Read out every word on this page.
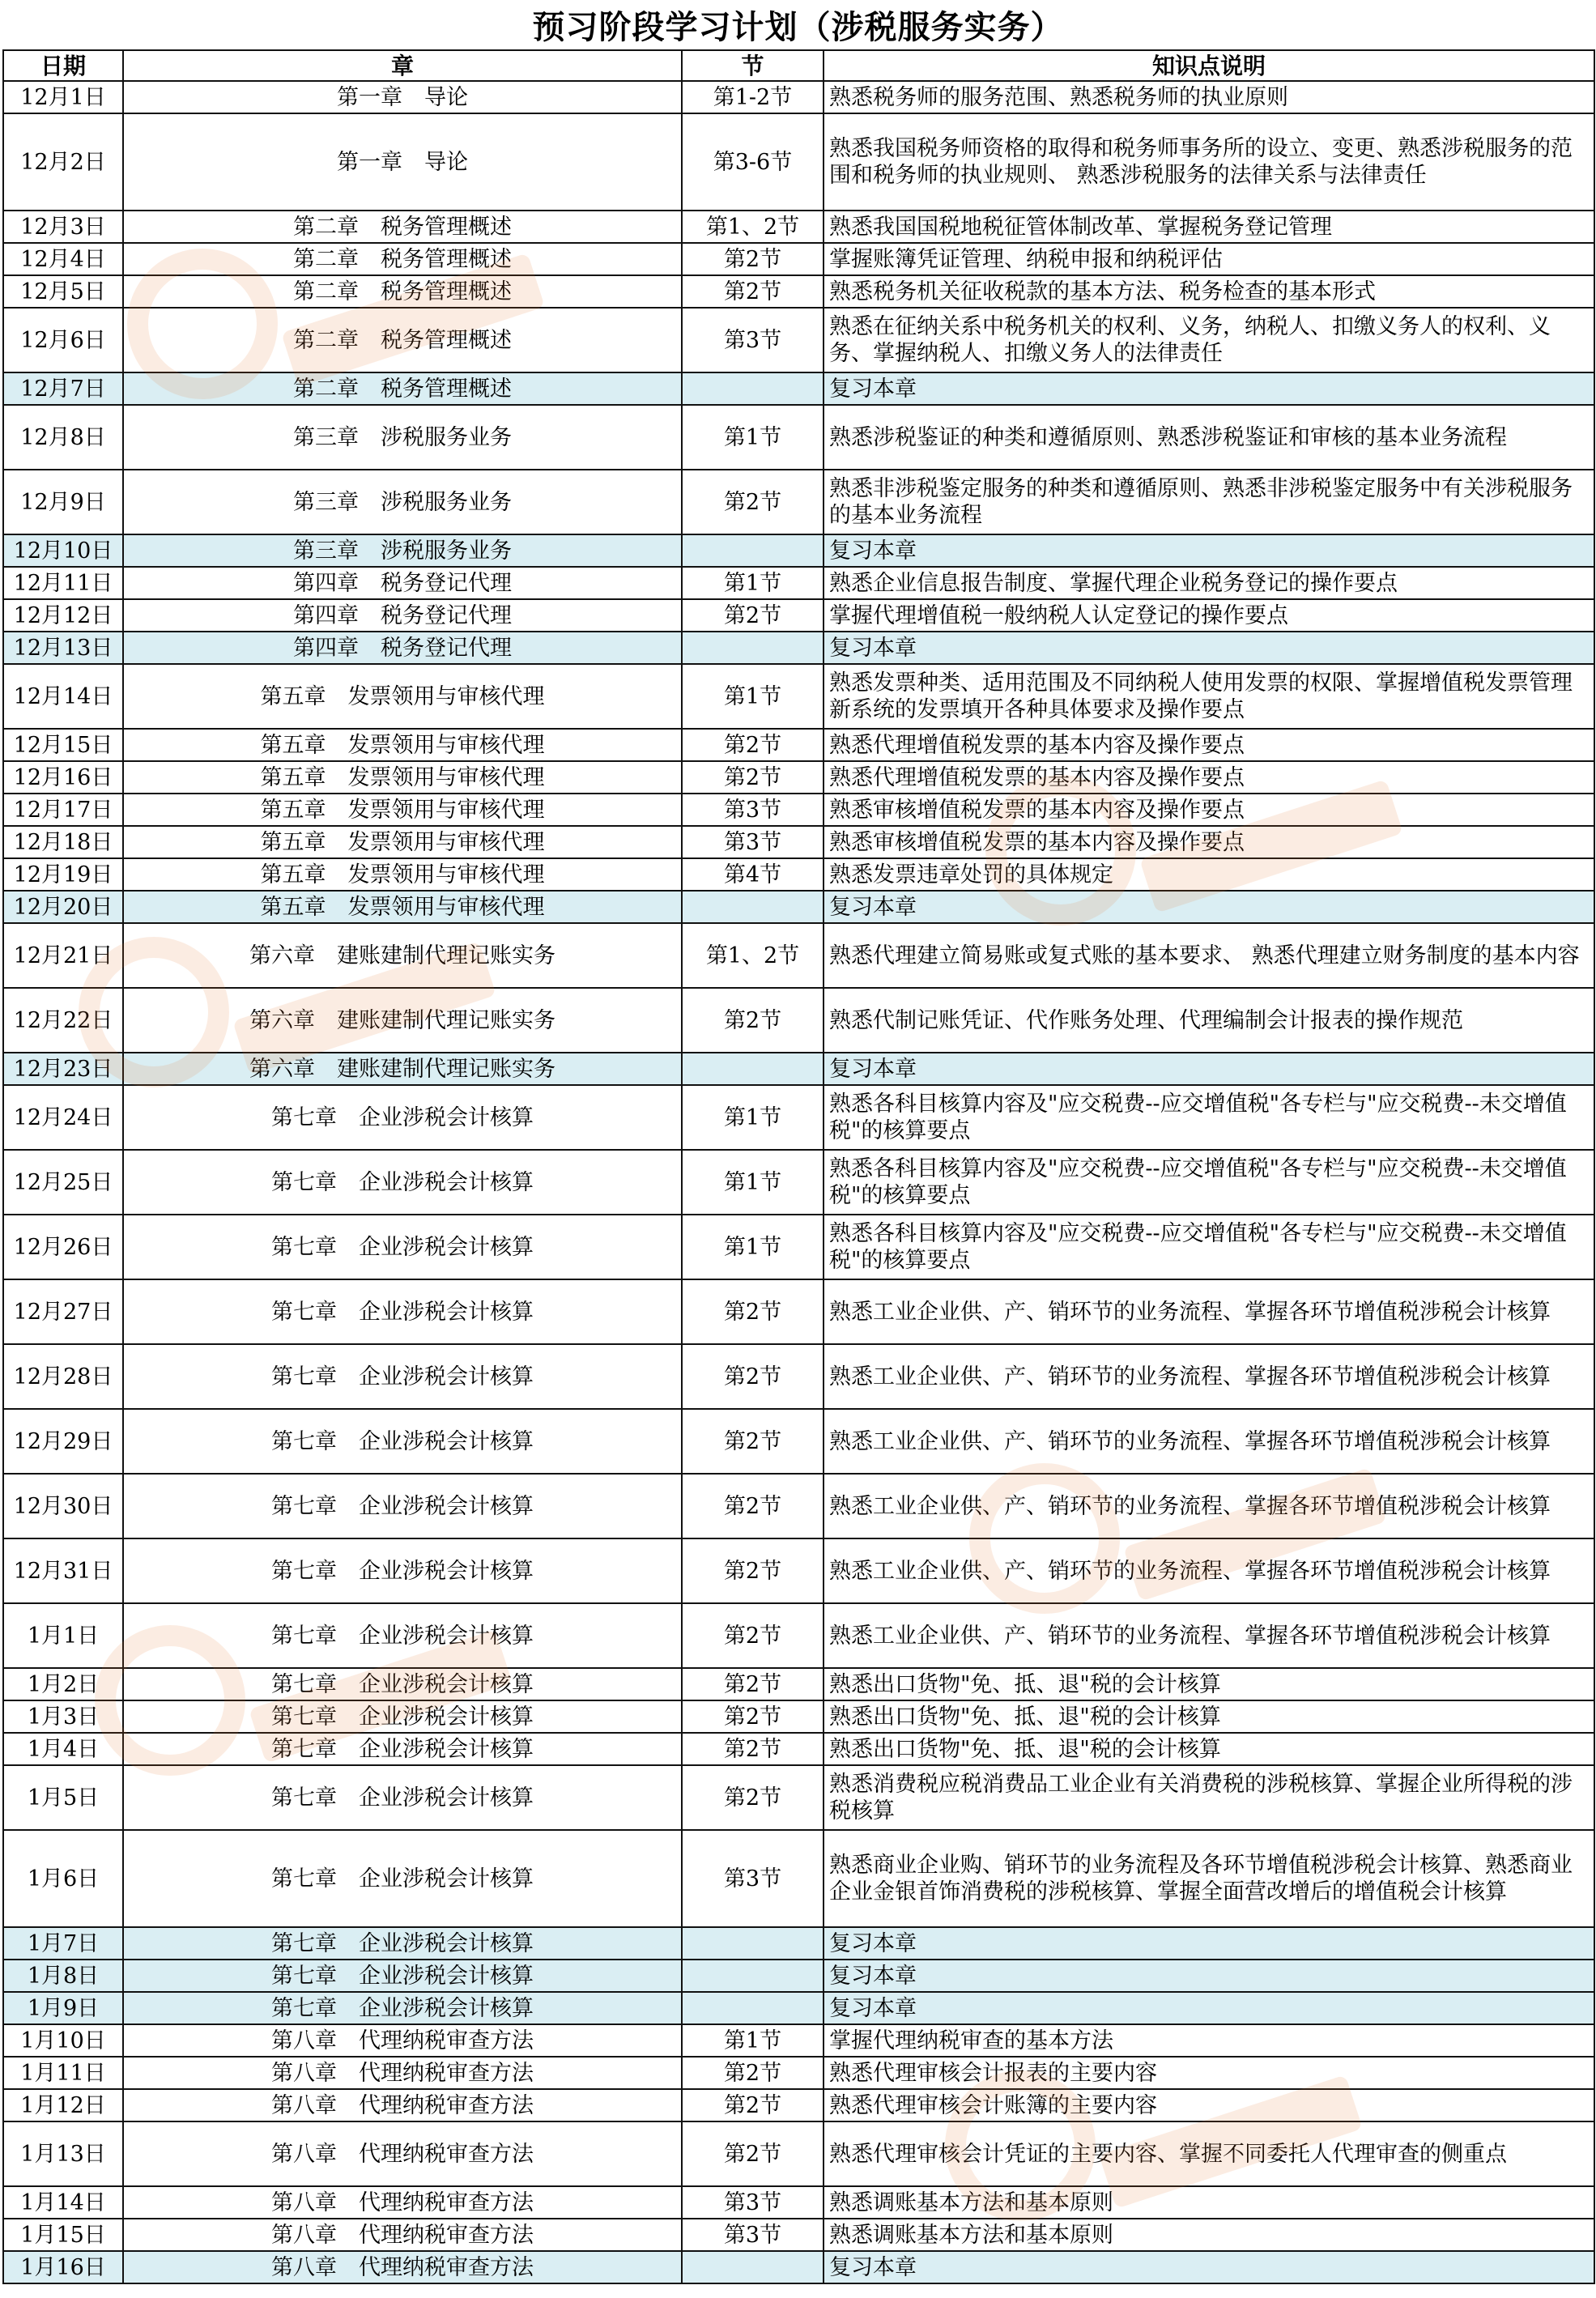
预习阶段学习计划（涉税服务实务）
日期	章	节	知识点说明
12月1日	第一章　导论	第1-2节	熟悉税务师的服务范围、熟悉税务师的执业原则
12月2日	第一章　导论	第3-6节	熟悉我国税务师资格的取得和税务师事务所的设立、变更、熟悉涉税服务的范围和税务师的执业规则、 熟悉涉税服务的法律关系与法律责任
12月3日	第二章　税务管理概述	第1、2节	熟悉我国国税地税征管体制改革、掌握税务登记管理
12月4日	第二章　税务管理概述	第2节	掌握账簿凭证管理、纳税申报和纳税评估
12月5日	第二章　税务管理概述	第2节	熟悉税务机关征收税款的基本方法、税务检查的基本形式
12月6日	第二章　税务管理概述	第3节	熟悉在征纳关系中税务机关的权利、义务，纳税人、扣缴义务人的权利、义务、掌握纳税人、扣缴义务人的法律责任
12月7日	第二章　税务管理概述		复习本章
12月8日	第三章　涉税服务业务	第1节	熟悉涉税鉴证的种类和遵循原则、熟悉涉税鉴证和审核的基本业务流程
12月9日	第三章　涉税服务业务	第2节	熟悉非涉税鉴定服务的种类和遵循原则、熟悉非涉税鉴定服务中有关涉税服务的基本业务流程
12月10日	第三章　涉税服务业务		复习本章
12月11日	第四章　税务登记代理	第1节	熟悉企业信息报告制度、掌握代理企业税务登记的操作要点
12月12日	第四章　税务登记代理	第2节	掌握代理增值税一般纳税人认定登记的操作要点
12月13日	第四章　税务登记代理		复习本章
12月14日	第五章　发票领用与审核代理	第1节	熟悉发票种类、适用范围及不同纳税人使用发票的权限、掌握增值税发票管理新系统的发票填开各种具体要求及操作要点
12月15日	第五章　发票领用与审核代理	第2节	熟悉代理增值税发票的基本内容及操作要点
12月16日	第五章　发票领用与审核代理	第2节	熟悉代理增值税发票的基本内容及操作要点
12月17日	第五章　发票领用与审核代理	第3节	熟悉审核增值税发票的基本内容及操作要点
12月18日	第五章　发票领用与审核代理	第3节	熟悉审核增值税发票的基本内容及操作要点
12月19日	第五章　发票领用与审核代理	第4节	熟悉发票违章处罚的具体规定
12月20日	第五章　发票领用与审核代理		复习本章
12月21日	第六章　建账建制代理记账实务	第1、2节	熟悉代理建立简易账或复式账的基本要求、 熟悉代理建立财务制度的基本内容
12月22日	第六章　建账建制代理记账实务	第2节	熟悉代制记账凭证、代作账务处理、代理编制会计报表的操作规范
12月23日	第六章　建账建制代理记账实务		复习本章
12月24日	第七章　企业涉税会计核算	第1节	熟悉各科目核算内容及"应交税费--应交增值税"各专栏与"应交税费--未交增值税"的核算要点
12月25日	第七章　企业涉税会计核算	第1节	熟悉各科目核算内容及"应交税费--应交增值税"各专栏与"应交税费--未交增值税"的核算要点
12月26日	第七章　企业涉税会计核算	第1节	熟悉各科目核算内容及"应交税费--应交增值税"各专栏与"应交税费--未交增值税"的核算要点
12月27日	第七章　企业涉税会计核算	第2节	熟悉工业企业供、产、销环节的业务流程、掌握各环节增值税涉税会计核算
12月28日	第七章　企业涉税会计核算	第2节	熟悉工业企业供、产、销环节的业务流程、掌握各环节增值税涉税会计核算
12月29日	第七章　企业涉税会计核算	第2节	熟悉工业企业供、产、销环节的业务流程、掌握各环节增值税涉税会计核算
12月30日	第七章　企业涉税会计核算	第2节	熟悉工业企业供、产、销环节的业务流程、掌握各环节增值税涉税会计核算
12月31日	第七章　企业涉税会计核算	第2节	熟悉工业企业供、产、销环节的业务流程、掌握各环节增值税涉税会计核算
1月1日	第七章　企业涉税会计核算	第2节	熟悉工业企业供、产、销环节的业务流程、掌握各环节增值税涉税会计核算
1月2日	第七章　企业涉税会计核算	第2节	熟悉出口货物"免、抵、退"税的会计核算
1月3日	第七章　企业涉税会计核算	第2节	熟悉出口货物"免、抵、退"税的会计核算
1月4日	第七章　企业涉税会计核算	第2节	熟悉出口货物"免、抵、退"税的会计核算
1月5日	第七章　企业涉税会计核算	第2节	熟悉消费税应税消费品工业企业有关消费税的涉税核算、掌握企业所得税的涉税核算
1月6日	第七章　企业涉税会计核算	第3节	熟悉商业企业购、销环节的业务流程及各环节增值税涉税会计核算、熟悉商业企业金银首饰消费税的涉税核算、掌握全面营改增后的增值税会计核算
1月7日	第七章　企业涉税会计核算		复习本章
1月8日	第七章　企业涉税会计核算		复习本章
1月9日	第七章　企业涉税会计核算		复习本章
1月10日	第八章　代理纳税审查方法	第1节	掌握代理纳税审查的基本方法
1月11日	第八章　代理纳税审查方法	第2节	熟悉代理审核会计报表的主要内容
1月12日	第八章　代理纳税审查方法	第2节	熟悉代理审核会计账簿的主要内容
1月13日	第八章　代理纳税审查方法	第2节	熟悉代理审核会计凭证的主要内容、掌握不同委托人代理审查的侧重点
1月14日	第八章　代理纳税审查方法	第3节	熟悉调账基本方法和基本原则
1月15日	第八章　代理纳税审查方法	第3节	熟悉调账基本方法和基本原则
1月16日	第八章　代理纳税审查方法		复习本章
